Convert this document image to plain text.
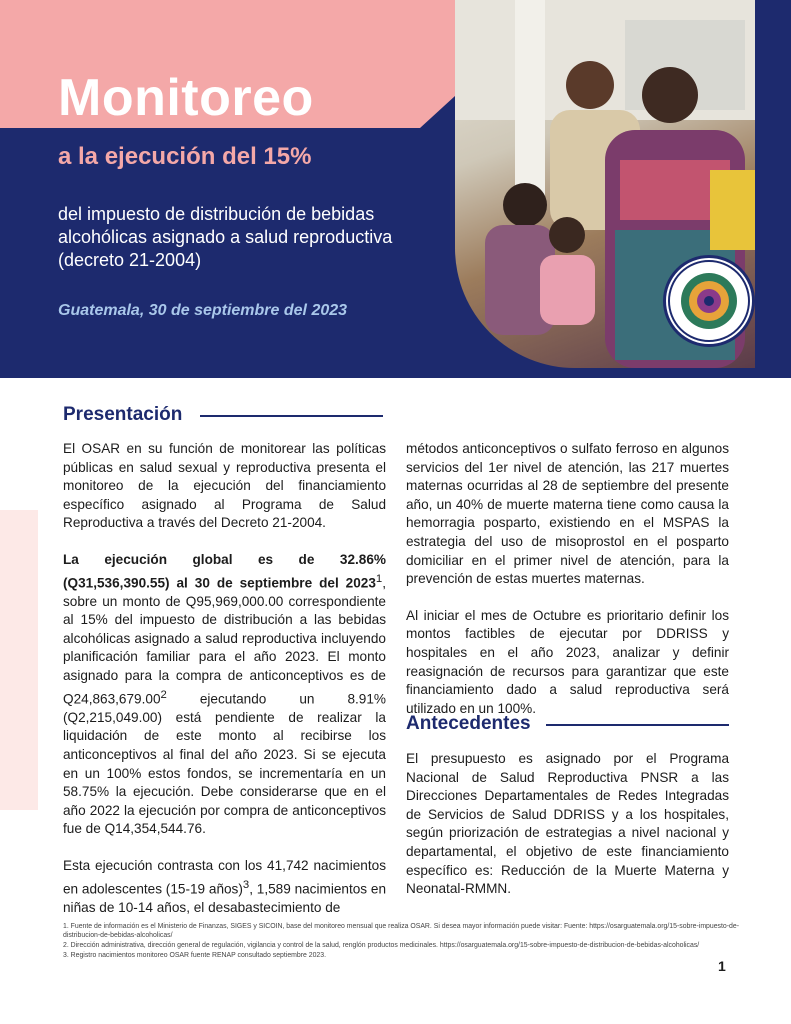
Monitoreo
a la ejecución del 15%

del impuesto de distribución de bebidas alcohólicas asignado a salud reproductiva (decreto 21-2004)

Guatemala, 30 de septiembre del 2023

Presentación

El OSAR en su función de monitorear las políticas públicas en salud sexual y reproductiva presenta el monitoreo de la ejecución del financiamiento específico asignado al Programa de Salud Reproductiva a través del Decreto 21-2004.

La ejecución global es de 32.86% (Q31,536,390.55) al 30 de septiembre del 2023$^1$, sobre un monto de Q95,969,000.00 correspondiente al 15% del impuesto de distribución a las bebidas alcohólicas asignado a salud reproductiva incluyendo planificación familiar para el año 2023. El monto asignado para la compra de anticonceptivos es de Q24,863,679.00$^2$ ejecutando un 8.91% (Q2,215,049.00) está pendiente de realizar la liquidación de este monto al recibirse los anticonceptivos al final del año 2023. Si se ejecuta en un 100% estos fondos, se incrementaría en un 58.75% la ejecución. Debe considerarse que en el año 2022 la ejecución por compra de anticonceptivos fue de Q14,354,544.76.

Esta ejecución contrasta con los 41,742 nacimientos en adolescentes (15-19 años)$^3$, 1,589 nacimientos en niñas de 10-14 años, el desabastecimiento de

métodos anticonceptivos o sulfato ferroso en algunos servicios del 1er nivel de atención, las 217 muertes maternas ocurridas al 28 de septiembre del presente año, un 40% de muerte materna tiene como causa la hemorragia posparto, existiendo en el MSPAS la estrategia del uso de misoprostol en el posparto domiciliar en el primer nivel de atención, para la prevención de estas muertes maternas.

Al iniciar el mes de Octubre es prioritario definir los montos factibles de ejecutar por DDRISS y hospitales en el año 2023, analizar y definir reasignación de recursos para garantizar que este financiamiento dado a salud reproductiva será utilizado en un 100%.

Antecedentes

El presupuesto es asignado por el Programa Nacional de Salud Reproductiva PNSR a las Direcciones Departamentales de Redes Integradas de Servicios de Salud DDRISS y a los hospitales, según priorización de estrategias a nivel nacional y departamental, el objetivo de este financiamiento específico es: Reducción de la Muerte Materna y Neonatal-RMMN.

1. Fuente de información es el Ministerio de Finanzas, SIGES y SICOIN, base del monitoreo mensual que realiza OSAR. Si desea mayor información puede visitar: Fuente: https://osarguatemala.org/15-sobre-impuesto-de-distribucion-de-bebidas-alcoholicas/
2. Dirección administrativa, dirección general de regulación, vigilancia y control de la salud, renglón productos medicinales. https://osarguatemala.org/15-sobre-impuesto-de-distribucion-de-bebidas-alcoholicas/
3. Registro nacimientos monitoreo OSAR fuente RENAP consultado septiembre 2023.
1
